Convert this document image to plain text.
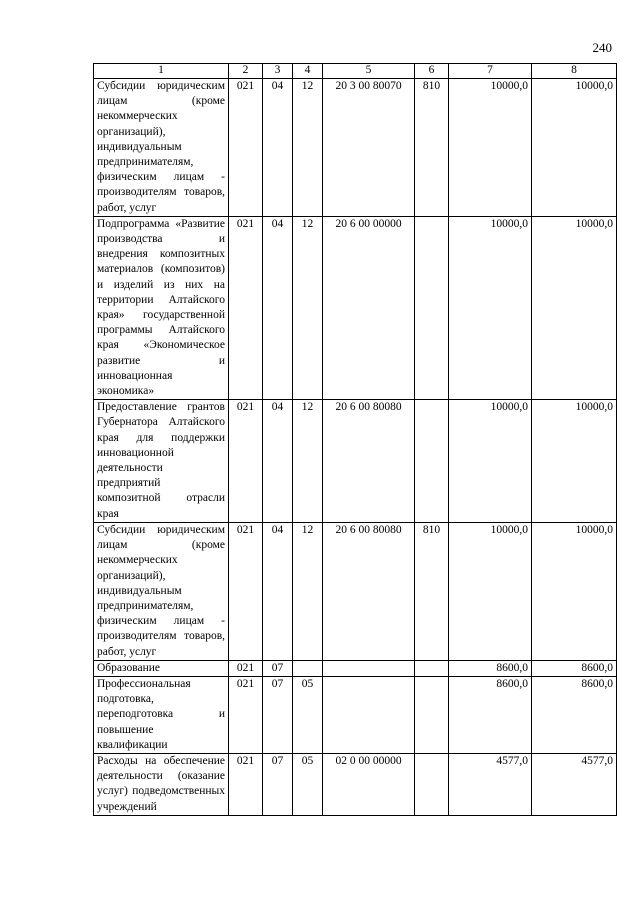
240
1	2	3	4	5	6	7	8
Субсидии юридическим лицам (кроме некоммерческих организаций), индивидуальным предпринимателям, физическим лицам - производителям товаров, работ, услуг	021	04	12	20 3 00 80070	810	10000,0	10000,0
Подпрограмма «Развитие производства и внедрения композитных материалов (композитов) и изделий из них на территории Алтайского края» государственной программы Алтайского края «Экономическое развитие и инновационная экономика»	021	04	12	20 6 00 00000		10000,0	10000,0
Предоставление грантов Губернатора Алтайского края для поддержки инновационной деятельности предприятий композитной отрасли края	021	04	12	20 6 00 80080		10000,0	10000,0
Субсидии юридическим лицам (кроме некоммерческих организаций), индивидуальным предпринимателям, физическим лицам - производителям товаров, работ, услуг	021	04	12	20 6 00 80080	810	10000,0	10000,0
Образование	021	07				8600,0	8600,0
Профессиональная подготовка, переподготовка и повышение квалификации	021	07	05			8600,0	8600,0
Расходы на обеспечение деятельности (оказание услуг) подведомственных учреждений	021	07	05	02 0 00 00000		4577,0	4577,0
